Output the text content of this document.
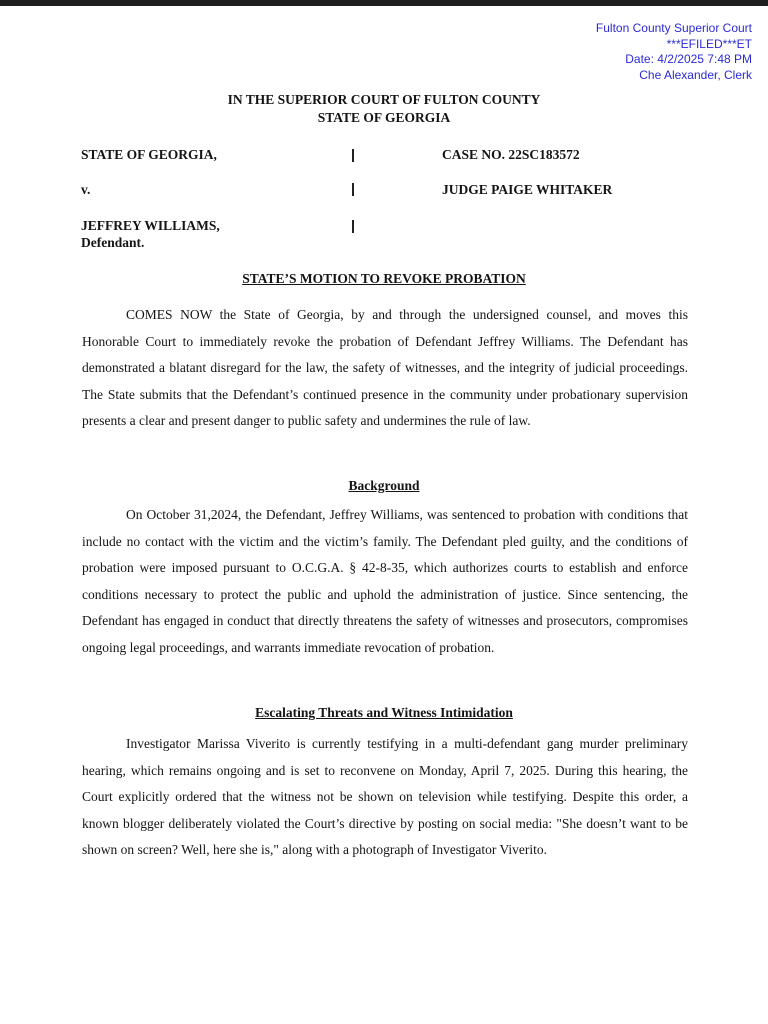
Fulton County Superior Court
***EFILED***ET
Date: 4/2/2025 7:48 PM
Che Alexander, Clerk
IN THE SUPERIOR COURT OF FULTON COUNTY
STATE OF GEORGIA
STATE OF GEORGIA,
v.
JEFFREY WILLIAMS,
Defendant.
CASE NO. 22SC183572
JUDGE PAIGE WHITAKER
STATE’S MOTION TO REVOKE PROBATION

COMES NOW the State of Georgia, by and through the undersigned counsel, and moves this Honorable Court to immediately revoke the probation of Defendant Jeffrey Williams. The Defendant has demonstrated a blatant disregard for the law, the safety of witnesses, and the integrity of judicial proceedings. The State submits that the Defendant’s continued presence in the community under probationary supervision presents a clear and present danger to public safety and undermines the rule of law.

Background

On October 31,2024, the Defendant, Jeffrey Williams, was sentenced to probation with conditions that include no contact with the victim and the victim’s family. The Defendant pled guilty, and the conditions of probation were imposed pursuant to O.C.G.A. § 42-8-35, which authorizes courts to establish and enforce conditions necessary to protect the public and uphold the administration of justice. Since sentencing, the Defendant has engaged in conduct that directly threatens the safety of witnesses and prosecutors, compromises ongoing legal proceedings, and warrants immediate revocation of probation.

Escalating Threats and Witness Intimidation

Investigator Marissa Viverito is currently testifying in a multi-defendant gang murder preliminary hearing, which remains ongoing and is set to reconvene on Monday, April 7, 2025. During this hearing, the Court explicitly ordered that the witness not be shown on television while testifying. Despite this order, a known blogger deliberately violated the Court’s directive by posting on social media: "She doesn’t want to be shown on screen? Well, here she is," along with a photograph of Investigator Viverito.
